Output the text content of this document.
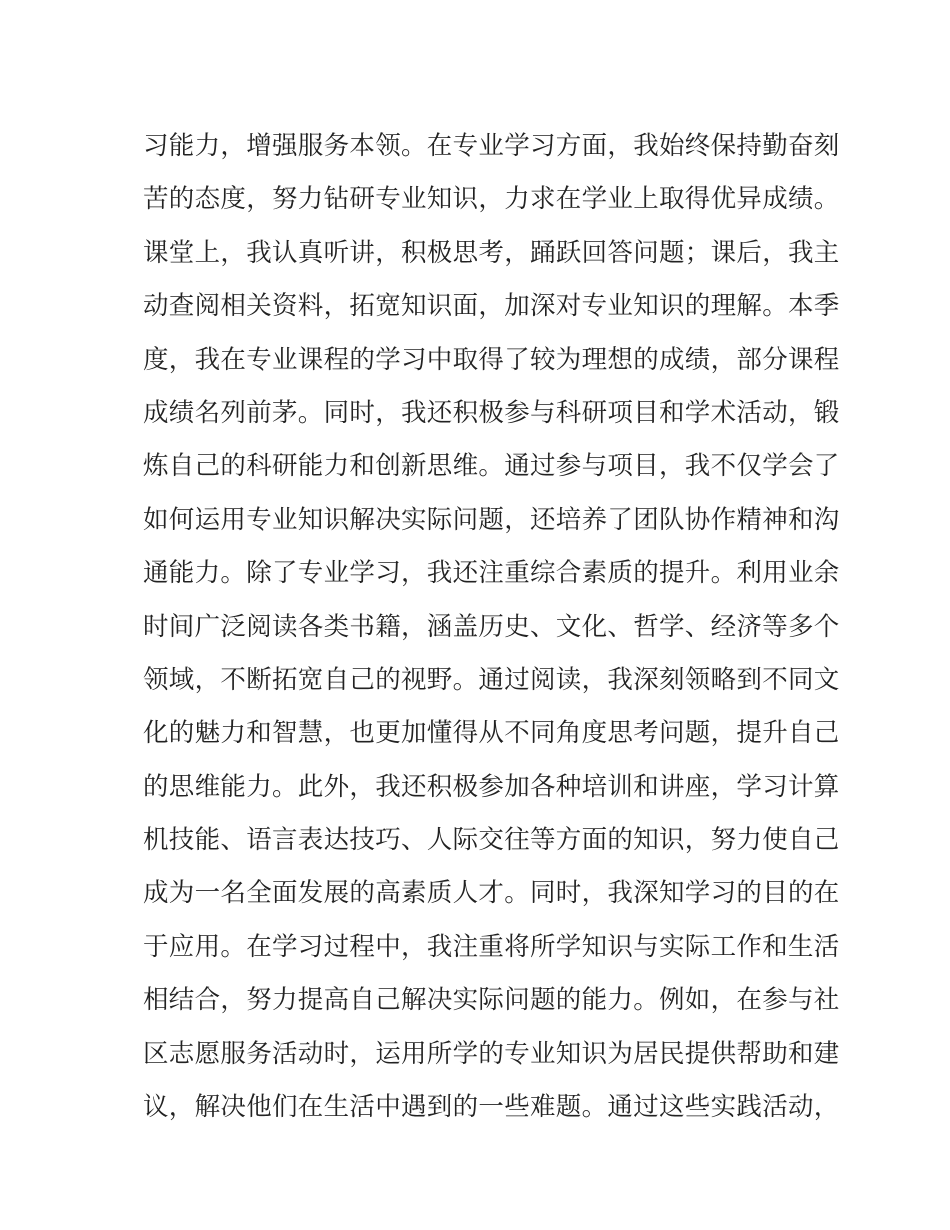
习能力，增强服务本领。在专业学习方面，我始终保持勤奋刻
苦的态度，努力钻研专业知识，力求在学业上取得优异成绩。
课堂上，我认真听讲，积极思考，踊跃回答问题；课后，我主
动查阅相关资料，拓宽知识面，加深对专业知识的理解。本季
度，我在专业课程的学习中取得了较为理想的成绩，部分课程
成绩名列前茅。同时，我还积极参与科研项目和学术活动，锻
炼自己的科研能力和创新思维。通过参与项目，我不仅学会了
如何运用专业知识解决实际问题，还培养了团队协作精神和沟
通能力。除了专业学习，我还注重综合素质的提升。利用业余
时间广泛阅读各类书籍，涵盖历史、文化、哲学、经济等多个
领域，不断拓宽自己的视野。通过阅读，我深刻领略到不同文
化的魅力和智慧，也更加懂得从不同角度思考问题，提升自己
的思维能力。此外，我还积极参加各种培训和讲座，学习计算
机技能、语言表达技巧、人际交往等方面的知识，努力使自己
成为一名全面发展的高素质人才。同时，我深知学习的目的在
于应用。在学习过程中，我注重将所学知识与实际工作和生活
相结合，努力提高自己解决实际问题的能力。例如，在参与社
区志愿服务活动时，运用所学的专业知识为居民提供帮助和建
议，解决他们在生活中遇到的一些难题。通过这些实践活动，
